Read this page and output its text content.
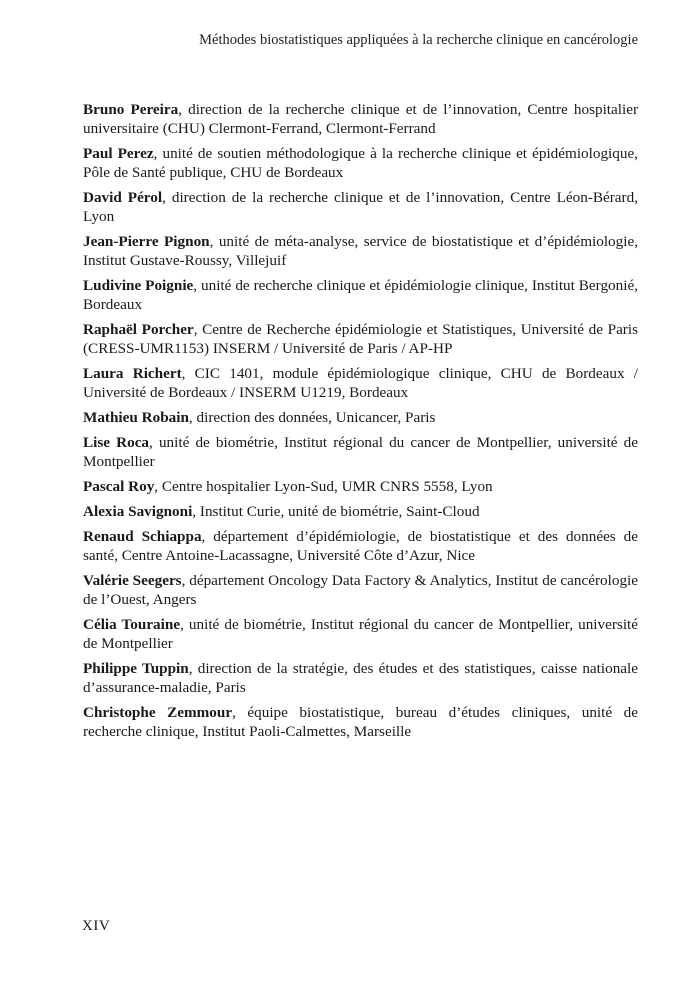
Méthodes biostatistiques appliquées à la recherche clinique en cancérologie

Bruno Pereira, direction de la recherche clinique et de l’innovation, Centre hospitalier universitaire (CHU) Clermont-Ferrand, Clermont-Ferrand

Paul Perez, unité de soutien méthodologique à la recherche clinique et épidémiologique, Pôle de Santé publique, CHU de Bordeaux

David Pérol, direction de la recherche clinique et de l’innovation, Centre Léon-Bérard, Lyon

Jean-Pierre Pignon, unité de méta-analyse, service de biostatistique et d’épidémiologie, Institut Gustave-Roussy, Villejuif

Ludivine Poignie, unité de recherche clinique et épidémiologie clinique, Institut Bergonié, Bordeaux

Raphaël Porcher, Centre de Recherche épidémiologie et Statistiques, Université de Paris (CRESS-UMR1153) INSERM / Université de Paris / AP-HP

Laura Richert, CIC 1401, module épidémiologique clinique, CHU de Bordeaux / Université de Bordeaux / INSERM U1219, Bordeaux

Mathieu Robain, direction des données, Unicancer, Paris

Lise Roca, unité de biométrie, Institut régional du cancer de Montpellier, université de Montpellier

Pascal Roy, Centre hospitalier Lyon-Sud, UMR CNRS 5558, Lyon

Alexia Savignoni, Institut Curie, unité de biométrie, Saint-Cloud

Renaud Schiappa, département d’épidémiologie, de biostatistique et des données de santé, Centre Antoine-Lacassagne, Université Côte d’Azur, Nice

Valérie Seegers, département Oncology Data Factory & Analytics, Institut de cancérologie de l’Ouest, Angers

Célia Touraine, unité de biométrie, Institut régional du cancer de Montpellier, université de Montpellier

Philippe Tuppin, direction de la stratégie, des études et des statistiques, caisse nationale d’assurance-maladie, Paris

Christophe Zemmour, équipe biostatistique, bureau d’études cliniques, unité de recherche clinique, Institut Paoli-Calmettes, Marseille

XIV
